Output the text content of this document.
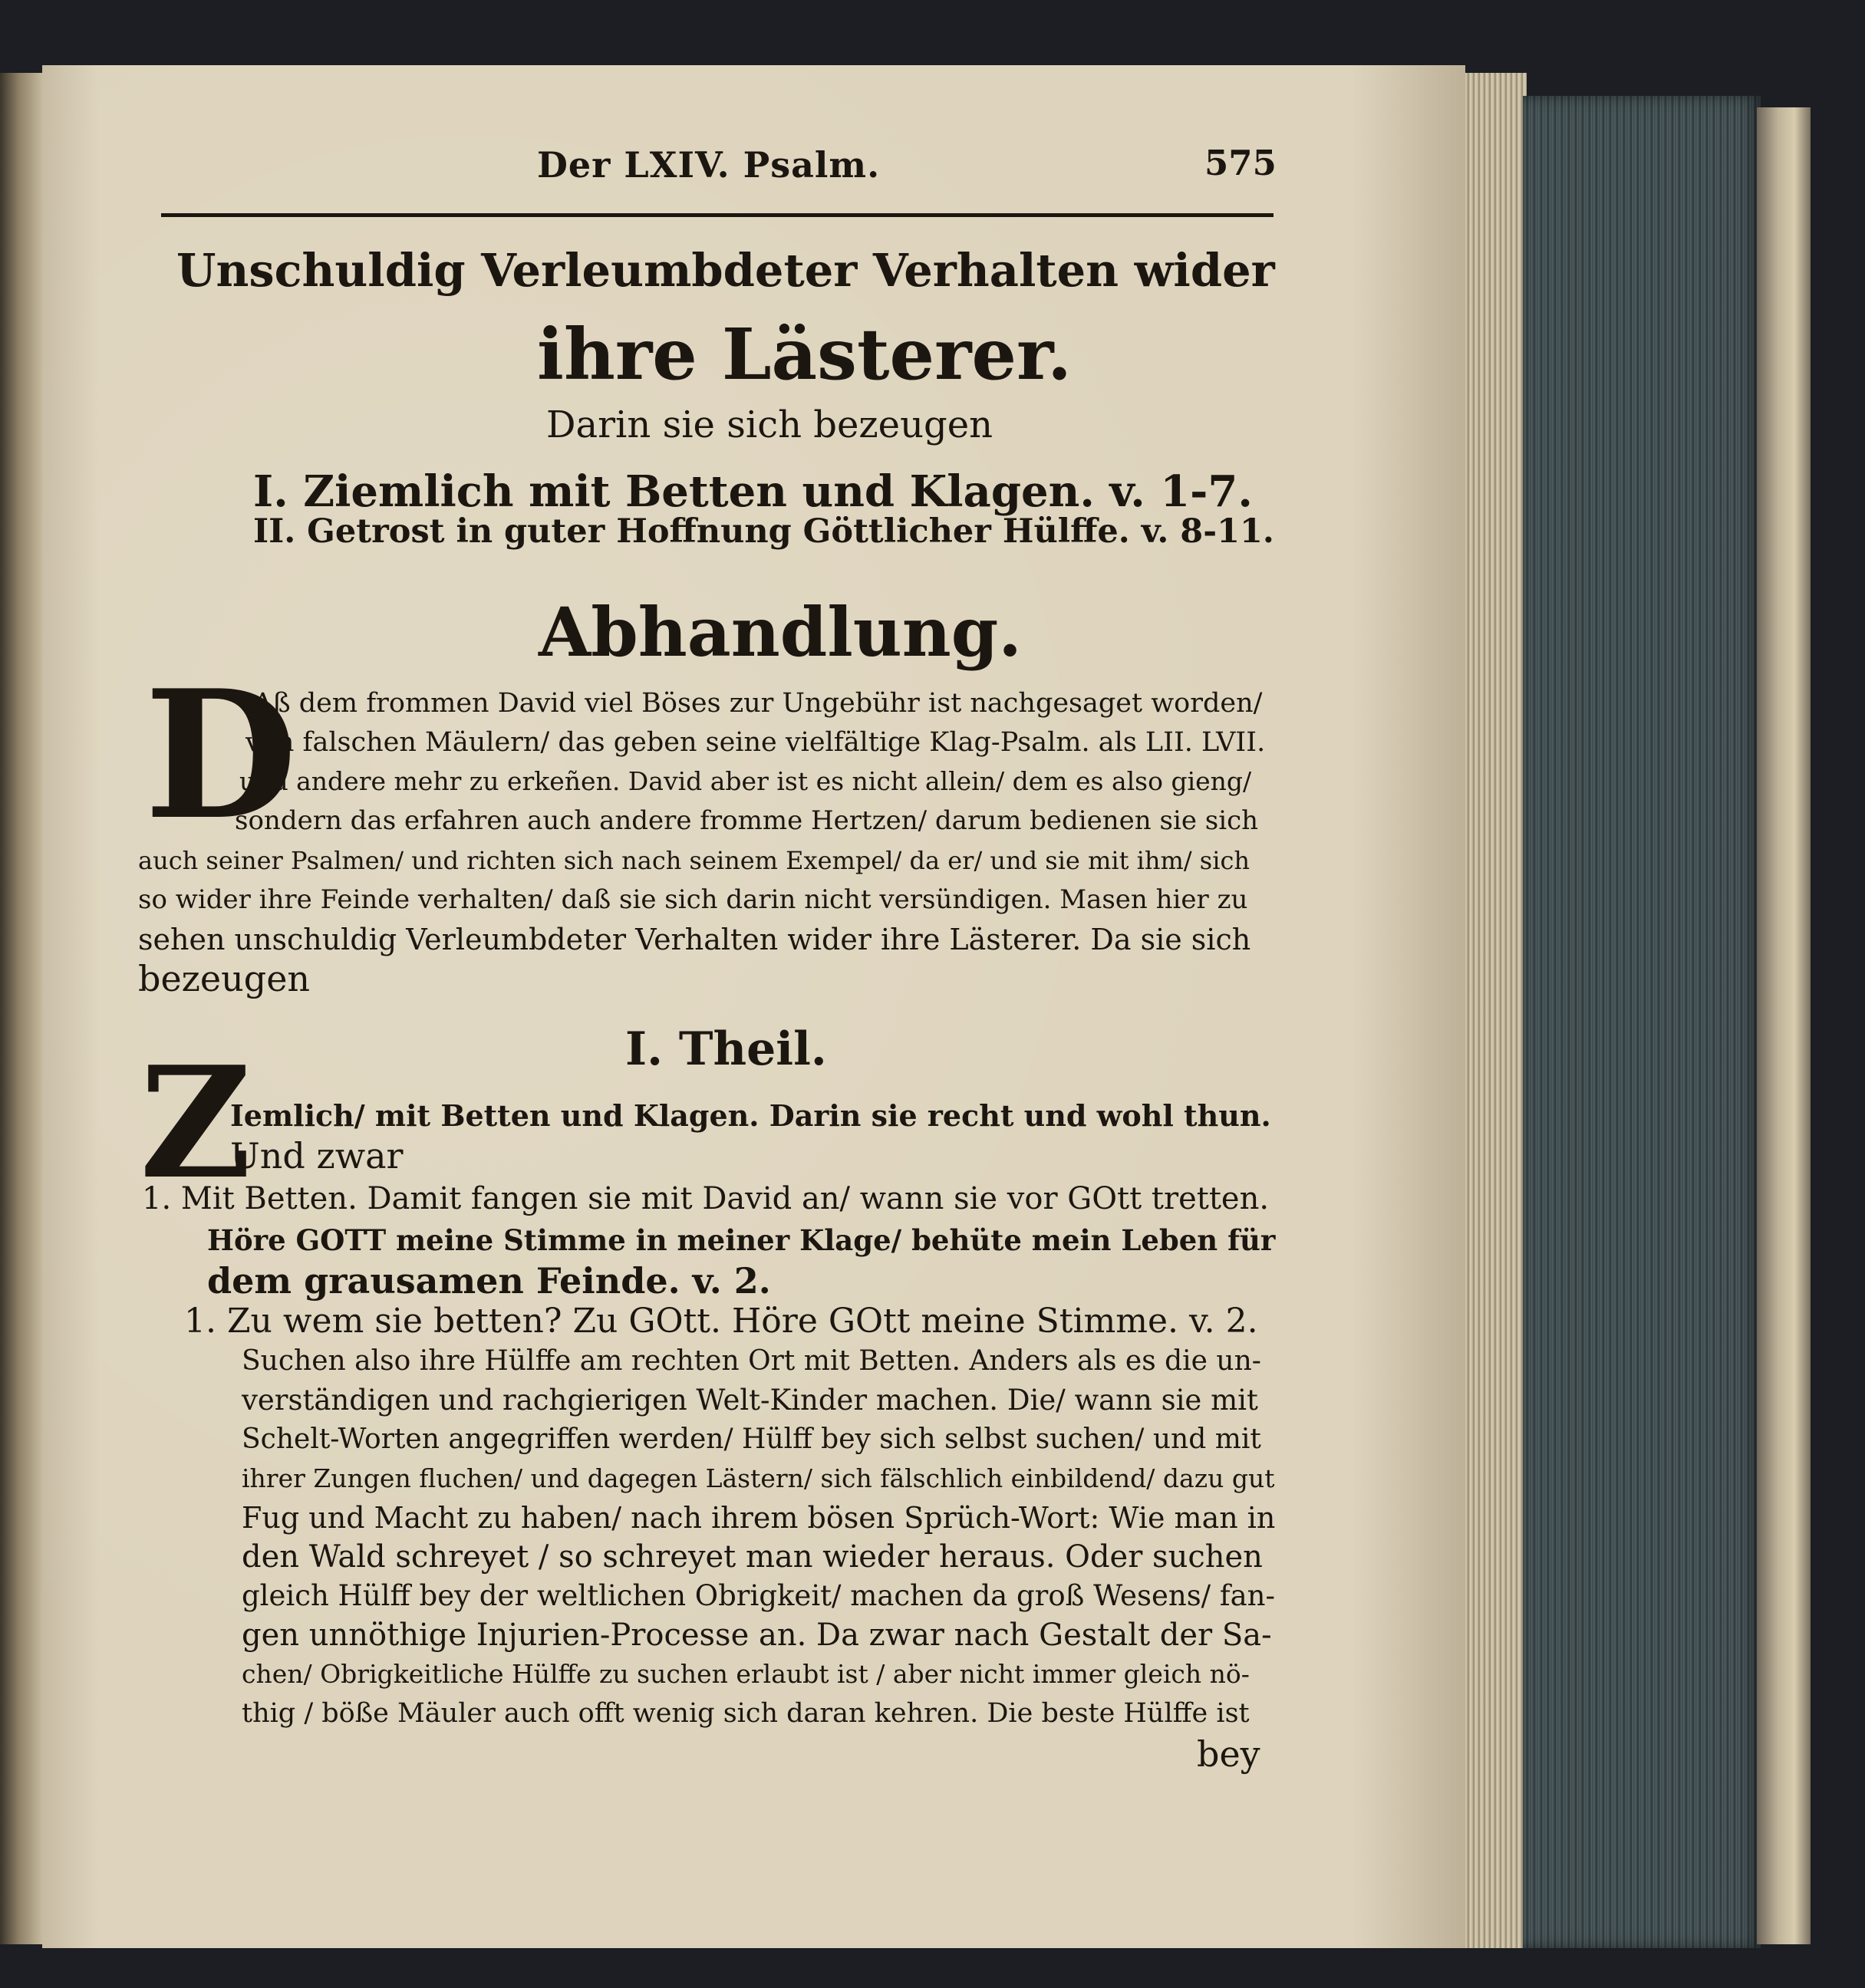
Der LXIV. Psalm.	575

Unschuldig Verleumbdeter Verhalten wider

ihre Lästerer.

Darin sie sich bezeugen

I. Ziemlich mit Betten und Klagen. v. 1-7.

II. Getrost in guter Hoffnung Göttlicher Hülffe. v. 8-11.

Abhandlung.

D

Aß dem frommen David viel Böses zur Ungebühr ist nachgesaget worden/

von falschen Mäulern/ das geben seine vielfältige Klag-Psalm. als LII. LVII.

und andere mehr zu erkeñen. David aber ist es nicht allein/ dem es also gieng/

sondern das erfahren auch andere fromme Hertzen/ darum bedienen sie sich

auch seiner Psalmen/ und richten sich nach seinem Exempel/ da er/ und sie mit ihm/ sich

so wider ihre Feinde verhalten/ daß sie sich darin nicht versündigen. Masen hier zu

sehen unschuldig Verleumbdeter Verhalten wider ihre Lästerer. Da sie sich

bezeugen

I. Theil.

Z

Iemlich/ mit Betten und Klagen. Darin sie recht und wohl thun.

Und zwar

1. Mit Betten. Damit fangen sie mit David an/ wann sie vor GOtt tretten.

Höre GOTT meine Stimme in meiner Klage/ behüte mein Leben für

dem grausamen Feinde. v. 2.

1. Zu wem sie betten? Zu GOtt. Höre GOtt meine Stimme. v. 2.

Suchen also ihre Hülffe am rechten Ort mit Betten. Anders als es die un-

verständigen und rachgierigen Welt-Kinder machen. Die/ wann sie mit

Schelt-Worten angegriffen werden/ Hülff bey sich selbst suchen/ und mit

ihrer Zungen fluchen/ und dagegen Lästern/ sich fälschlich einbildend/ dazu gut

Fug und Macht zu haben/ nach ihrem bösen Sprüch-Wort: Wie man in

den Wald schreyet / so schreyet man wieder heraus. Oder suchen

gleich Hülff bey der weltlichen Obrigkeit/ machen da groß Wesens/ fan-

gen unnöthige Injurien-Processe an. Da zwar nach Gestalt der Sa-

chen/ Obrigkeitliche Hülffe zu suchen erlaubt ist / aber nicht immer gleich nö-

thig / böße Mäuler auch offt wenig sich daran kehren. Die beste Hülffe ist

bey
